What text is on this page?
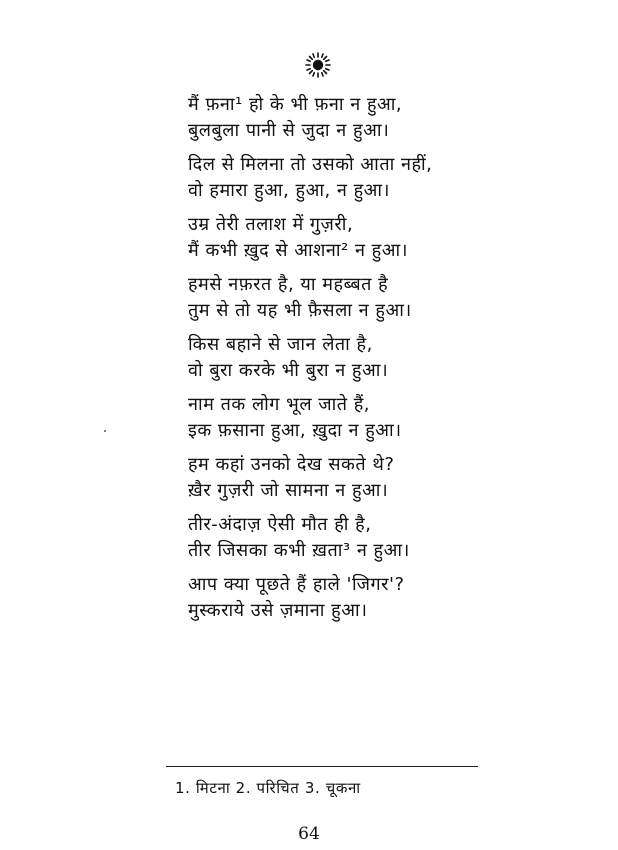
मैं फ़ना¹ हो के भी फ़ना न हुआ,
बुलबुला पानी से जुदा न हुआ।
दिल से मिलना तो उसको आता नहीं,
वो हमारा हुआ, हुआ, न हुआ।
उम्र तेरी तलाश में गुज़री,
मैं कभी ख़ुद से आशना² न हुआ।
हमसे नफ़रत है, या महब्बत है
तुम से तो यह भी फ़ैसला न हुआ।
किस बहाने से जान लेता है,
वो बुरा करके भी बुरा न हुआ।
नाम तक लोग भूल जाते हैं,
इक फ़साना हुआ, ख़ुदा न हुआ।
हम कहां उनको देख सकते थे?
ख़ैर गुज़री जो सामना न हुआ।
तीर-अंदाज़ ऐसी मौत ही है,
तीर जिसका कभी ख़ता³ न हुआ।
आप क्या पूछते हैं हाले 'जिगर'?
मुस्कराये उसे ज़माना हुआ।
1. मिटना 2. परिचित 3. चूकना
64
